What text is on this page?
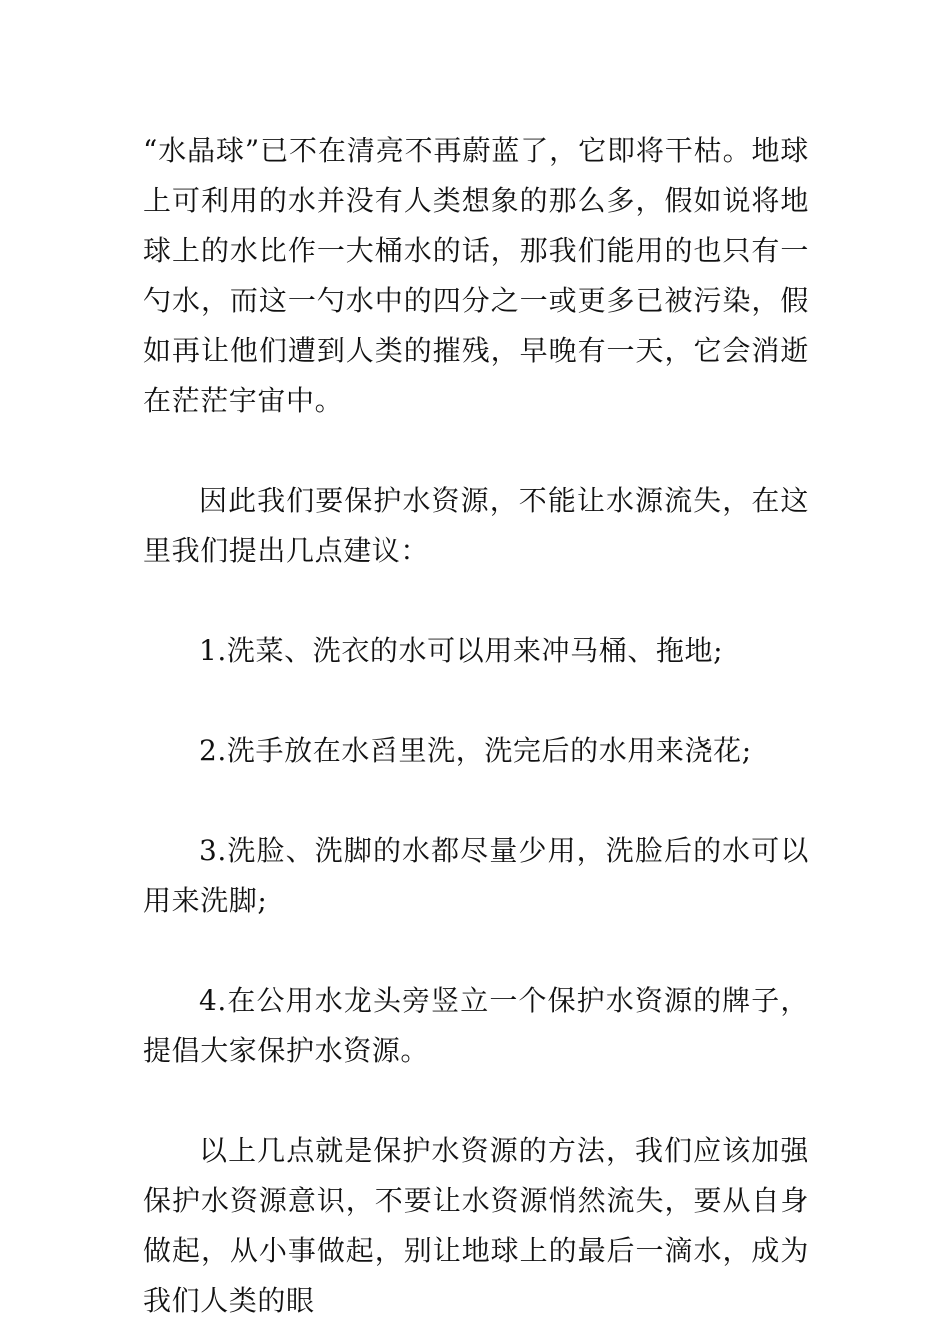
“水晶球”已不在清亮不再蔚蓝了，它即将干枯。地球上可利用的水并没有人类想象的那么多，假如说将地球上的水比作一大桶水的话，那我们能用的也只有一勺水，而这一勺水中的四分之一或更多已被污染，假如再让他们遭到人类的摧残，早晚有一天，它会消逝在茫茫宇宙中。

因此我们要保护水资源，不能让水源流失，在这里我们提出几点建议：

1.洗菜、洗衣的水可以用来冲马桶、拖地;

2.洗手放在水舀里洗，洗完后的水用来浇花;

3.洗脸、洗脚的水都尽量少用，洗脸后的水可以用来洗脚;

4.在公用水龙头旁竖立一个保护水资源的牌子，提倡大家保护水资源。

以上几点就是保护水资源的方法，我们应该加强保护水资源意识，不要让水资源悄然流失，要从自身做起，从小事做起，别让地球上的最后一滴水，成为我们人类的眼
